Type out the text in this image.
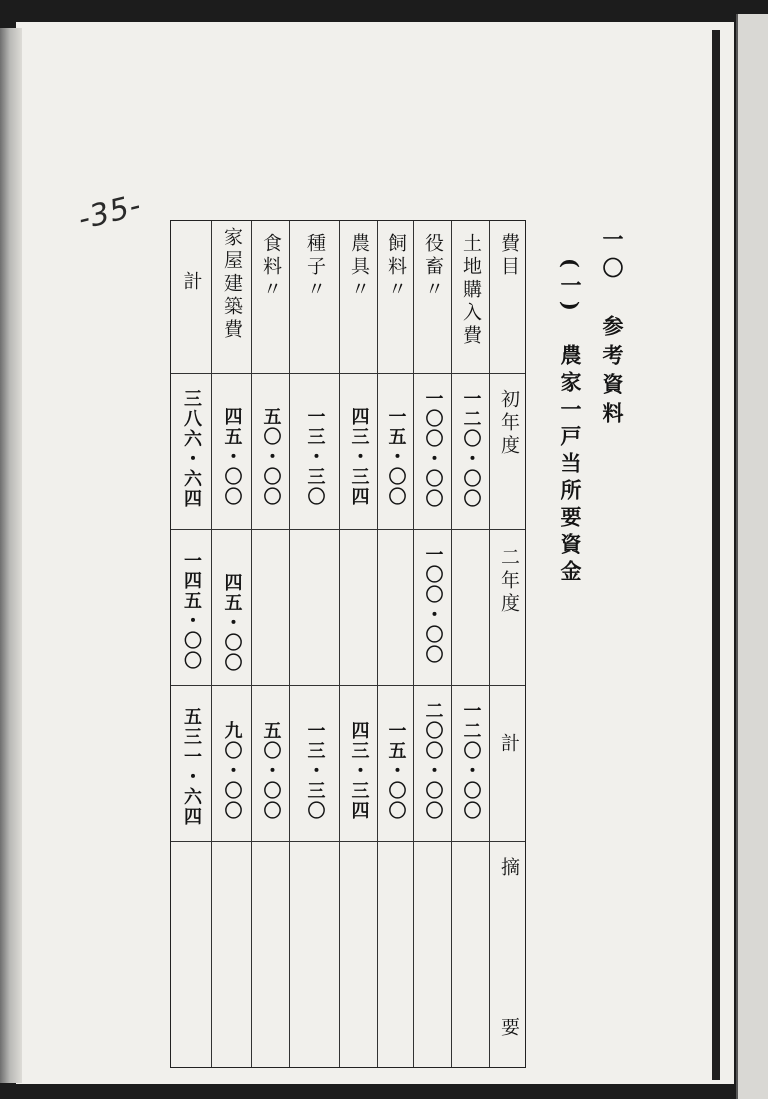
-35-
一〇　参考資料
(一)　農家一戸当所要資金
費目
初年度
二年度
計
摘
要
土地購入費
一二〇・〇〇
一二〇・〇〇
役畜〃
一〇〇・〇〇
一〇〇・〇〇
二〇〇・〇〇
飼料〃
一五・〇〇
一五・〇〇
農具〃
四三・三四
四三・三四
種子〃
一三・三〇
一三・三〇
食料〃
五〇・〇〇
五〇・〇〇
家屋建築費
四五・〇〇
四五・〇〇
九〇・〇〇
計
三八六・六四
一四五・〇〇
五三一・六四
